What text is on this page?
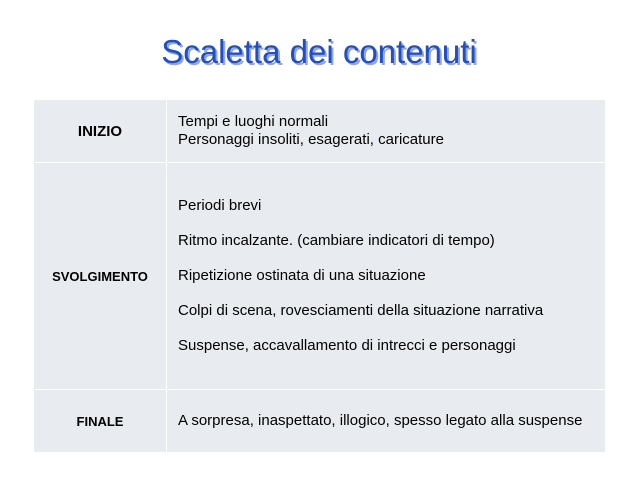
Scaletta dei contenuti
INIZIO	Tempi e luoghi normali
Personaggi insoliti, esagerati, caricature

SVOLGIMENTO	Periodi brevi

Ritmo incalzante. (cambiare indicatori di tempo)

Ripetizione ostinata di una situazione

Colpi di scena, rovesciamenti della situazione narrativa

Suspense, accavallamento di intrecci e personaggi

FINALE	A sorpresa, inaspettato, illogico, spesso legato alla suspense
